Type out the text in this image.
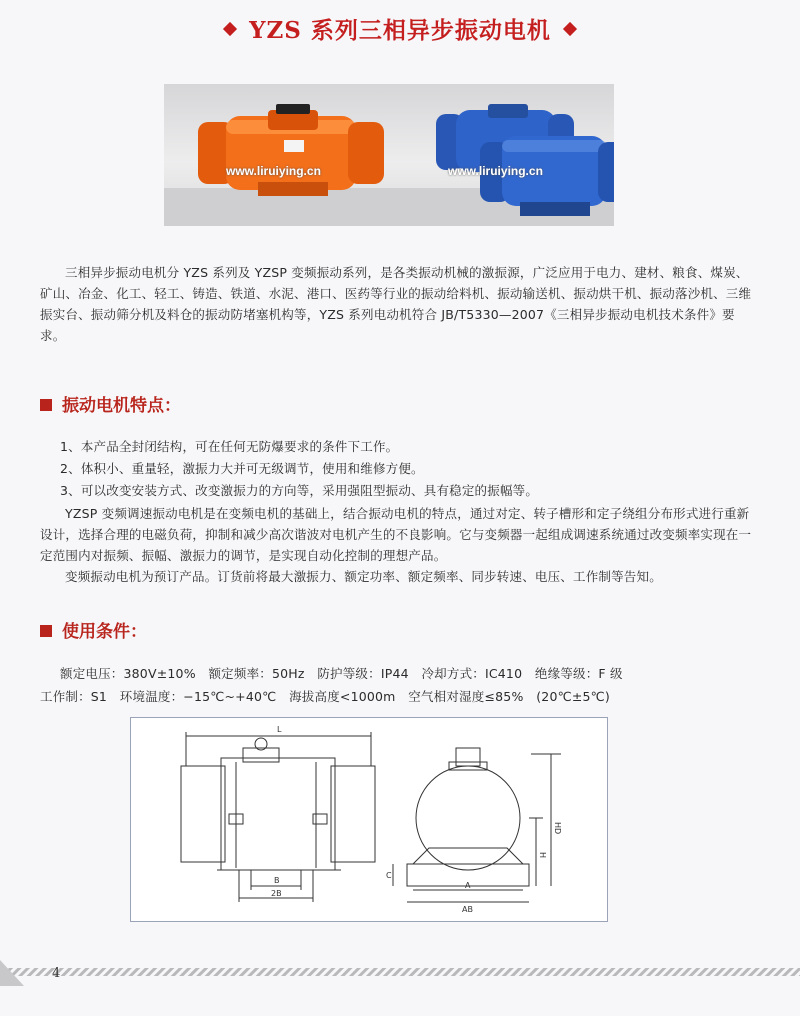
YZS 系列三相异步振动电机
www.liruiying.cn	www.liruiying.cn
三相异步振动电机分 YZS 系列及 YZSP 变频振动系列，是各类振动机械的激振源，广泛应用于电力、建材、粮食、煤炭、矿山、冶金、化工、轻工、铸造、铁道、水泥、港口、医药等行业的振动给料机、振动输送机、振动烘干机、振动落沙机、三维振实台、振动筛分机及料仓的振动防堵塞机构等，YZS 系列电动机符合 JB/T5330—2007《三相异步振动电机技术条件》要求。
振动电机特点：
1、本产品全封闭结构，可在任何无防爆要求的条件下工作。
2、体积小、重量轻，激振力大并可无级调节，使用和维修方便。
3、可以改变安装方式、改变激振力的方向等，采用强阻型振动、具有稳定的振幅等。
YZSP 变频调速振动电机是在变频电机的基础上，结合振动电机的特点，通过对定、转子槽形和定子绕组分布形式进行重新设计，选择合理的电磁负荷，抑制和减少高次谐波对电机产生的不良影响。它与变频器一起组成调速系统通过改变频率实现在一定范围内对振频、振幅、激振力的调节，是实现自动化控制的理想产品。
变频振动电机为预订产品。订货前将最大激振力、额定功率、额定频率、同步转速、电压、工作制等告知。
使用条件：
额定电压：380V±10%　额定频率：50Hz　防护等级：IP44　冷却方式：IC410　绝缘等级：F 级
工作制：S1　环境温度：−15℃~+40℃　海拔高度<1000m　空气相对湿度≤85%　(20℃±5℃)
L
B
2B
HD
H
C
A
AB
4
